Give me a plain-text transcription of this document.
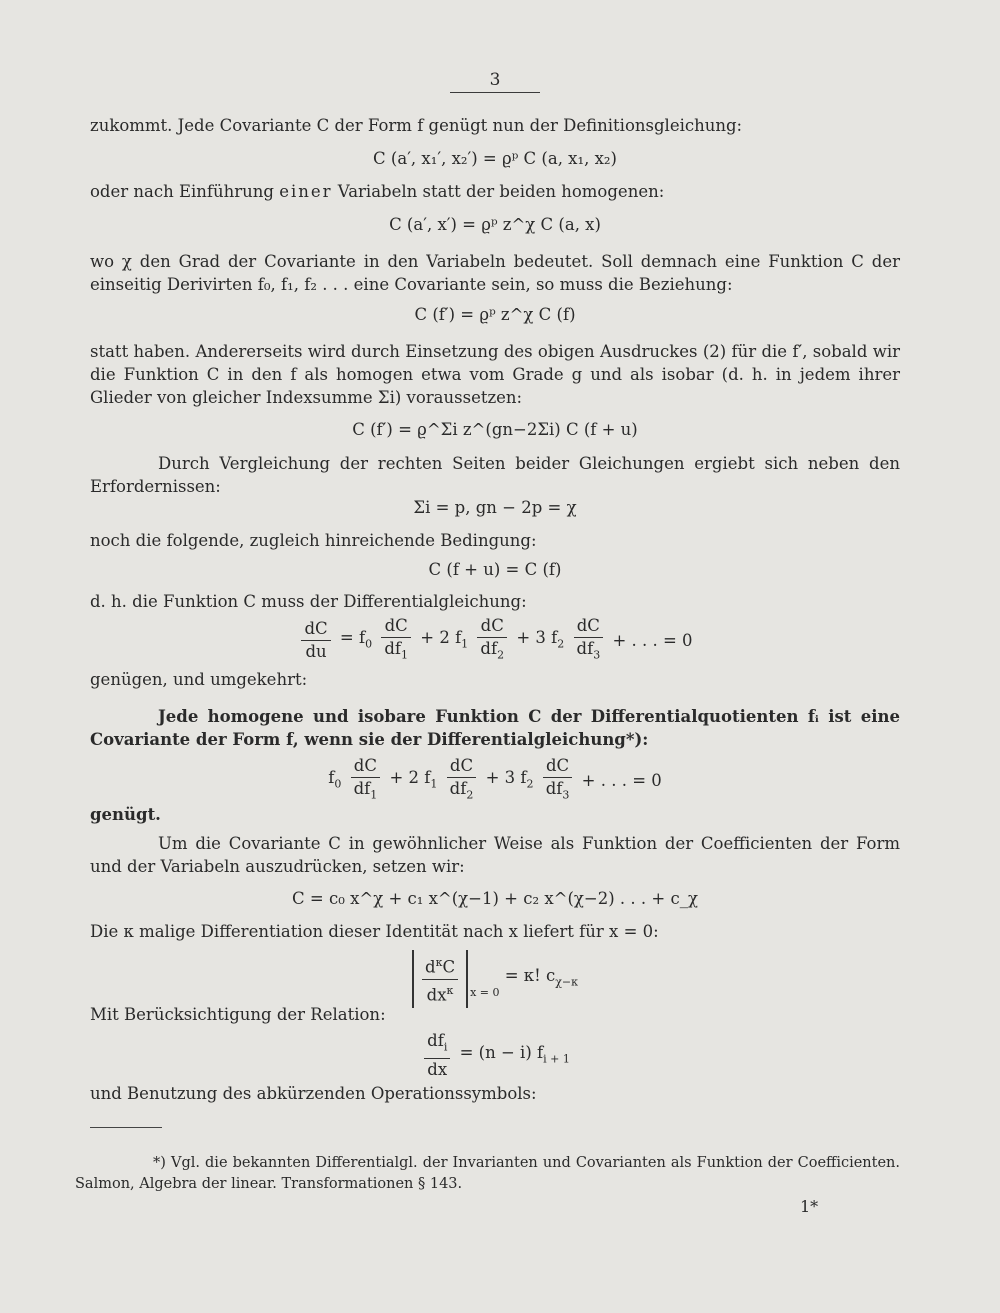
3
zukommt. Jede Covariante C der Form f genügt nun der Definitionsgleichung:
C (a′, x₁′, x₂′) = ϱᵖ C (a, x₁, x₂)
oder nach Einführung einer Variabeln statt der beiden homogenen:
C (a′, x′) = ϱᵖ z^χ C (a, x)
wo χ den Grad der Covariante in den Variabeln bedeutet. Soll demnach eine Funktion C der einseitig Derivirten f₀, f₁, f₂ . . . eine Covariante sein, so muss die Beziehung:
C (f′) = ϱᵖ z^χ C (f)
statt haben. Andererseits wird durch Einsetzung des obigen Ausdruckes (2) für die f′, sobald wir die Funktion C in den f als homogen etwa vom Grade g und als isobar (d. h. in jedem ihrer Glieder von gleicher Indexsumme Σi) voraussetzen:
C (f′) = ϱ^Σi z^(gn−2Σi) C (f + u)
Durch Vergleichung der rechten Seiten beider Gleichungen ergiebt sich neben den Erfordernissen:
Σi = p, gn − 2p = χ
noch die folgende, zugleich hinreichende Bedingung:
C (f + u) = C (f)
d. h. die Funktion C muss der Differentialgleichung:
$\frac{dC}{du} = f_0 \frac{dC}{df_1} + 2$ $f_1 \frac{dC}{df_2} + 3$ $f_2 \frac{dC}{df_3}$ + . . . = 0
genügen, und umgekehrt:
Jede homogene und isobare Funktion C der Differentialquotienten fᵢ ist eine Covariante der Form f, wenn sie der Differentialgleichung*):
$f_0 \frac{dC}{df_1} + 2$ $f_1 \frac{dC}{df_2} + 3$ $f_2 \frac{dC}{df_3}$ + . . . = 0
genügt.
Um die Covariante C in gewöhnlicher Weise als Funktion der Coefficienten der Form und der Variabeln auszudrücken, setzen wir:
C = c₀ x^χ + c₁ x^(χ−1) + c₂ x^(χ−2) . . . + c_χ
Die κ malige Differentiation dieser Identität nach x liefert für x = 0:
$\frac{d^\kappa C}{dx^\kappa}$ x = 0 = κ! $c_{\chi-\kappa}$
Mit Berücksichtigung der Relation:
$\frac{df_i}{dx} = (n - i)$ $f_{i + 1}$
und Benutzung des abkürzenden Operationssymbols:
*) Vgl. die bekannten Differentialgl. der Invarianten und Covarianten als Funktion der Coefficienten. Salmon, Algebra der linear. Transformationen § 143.
1*
